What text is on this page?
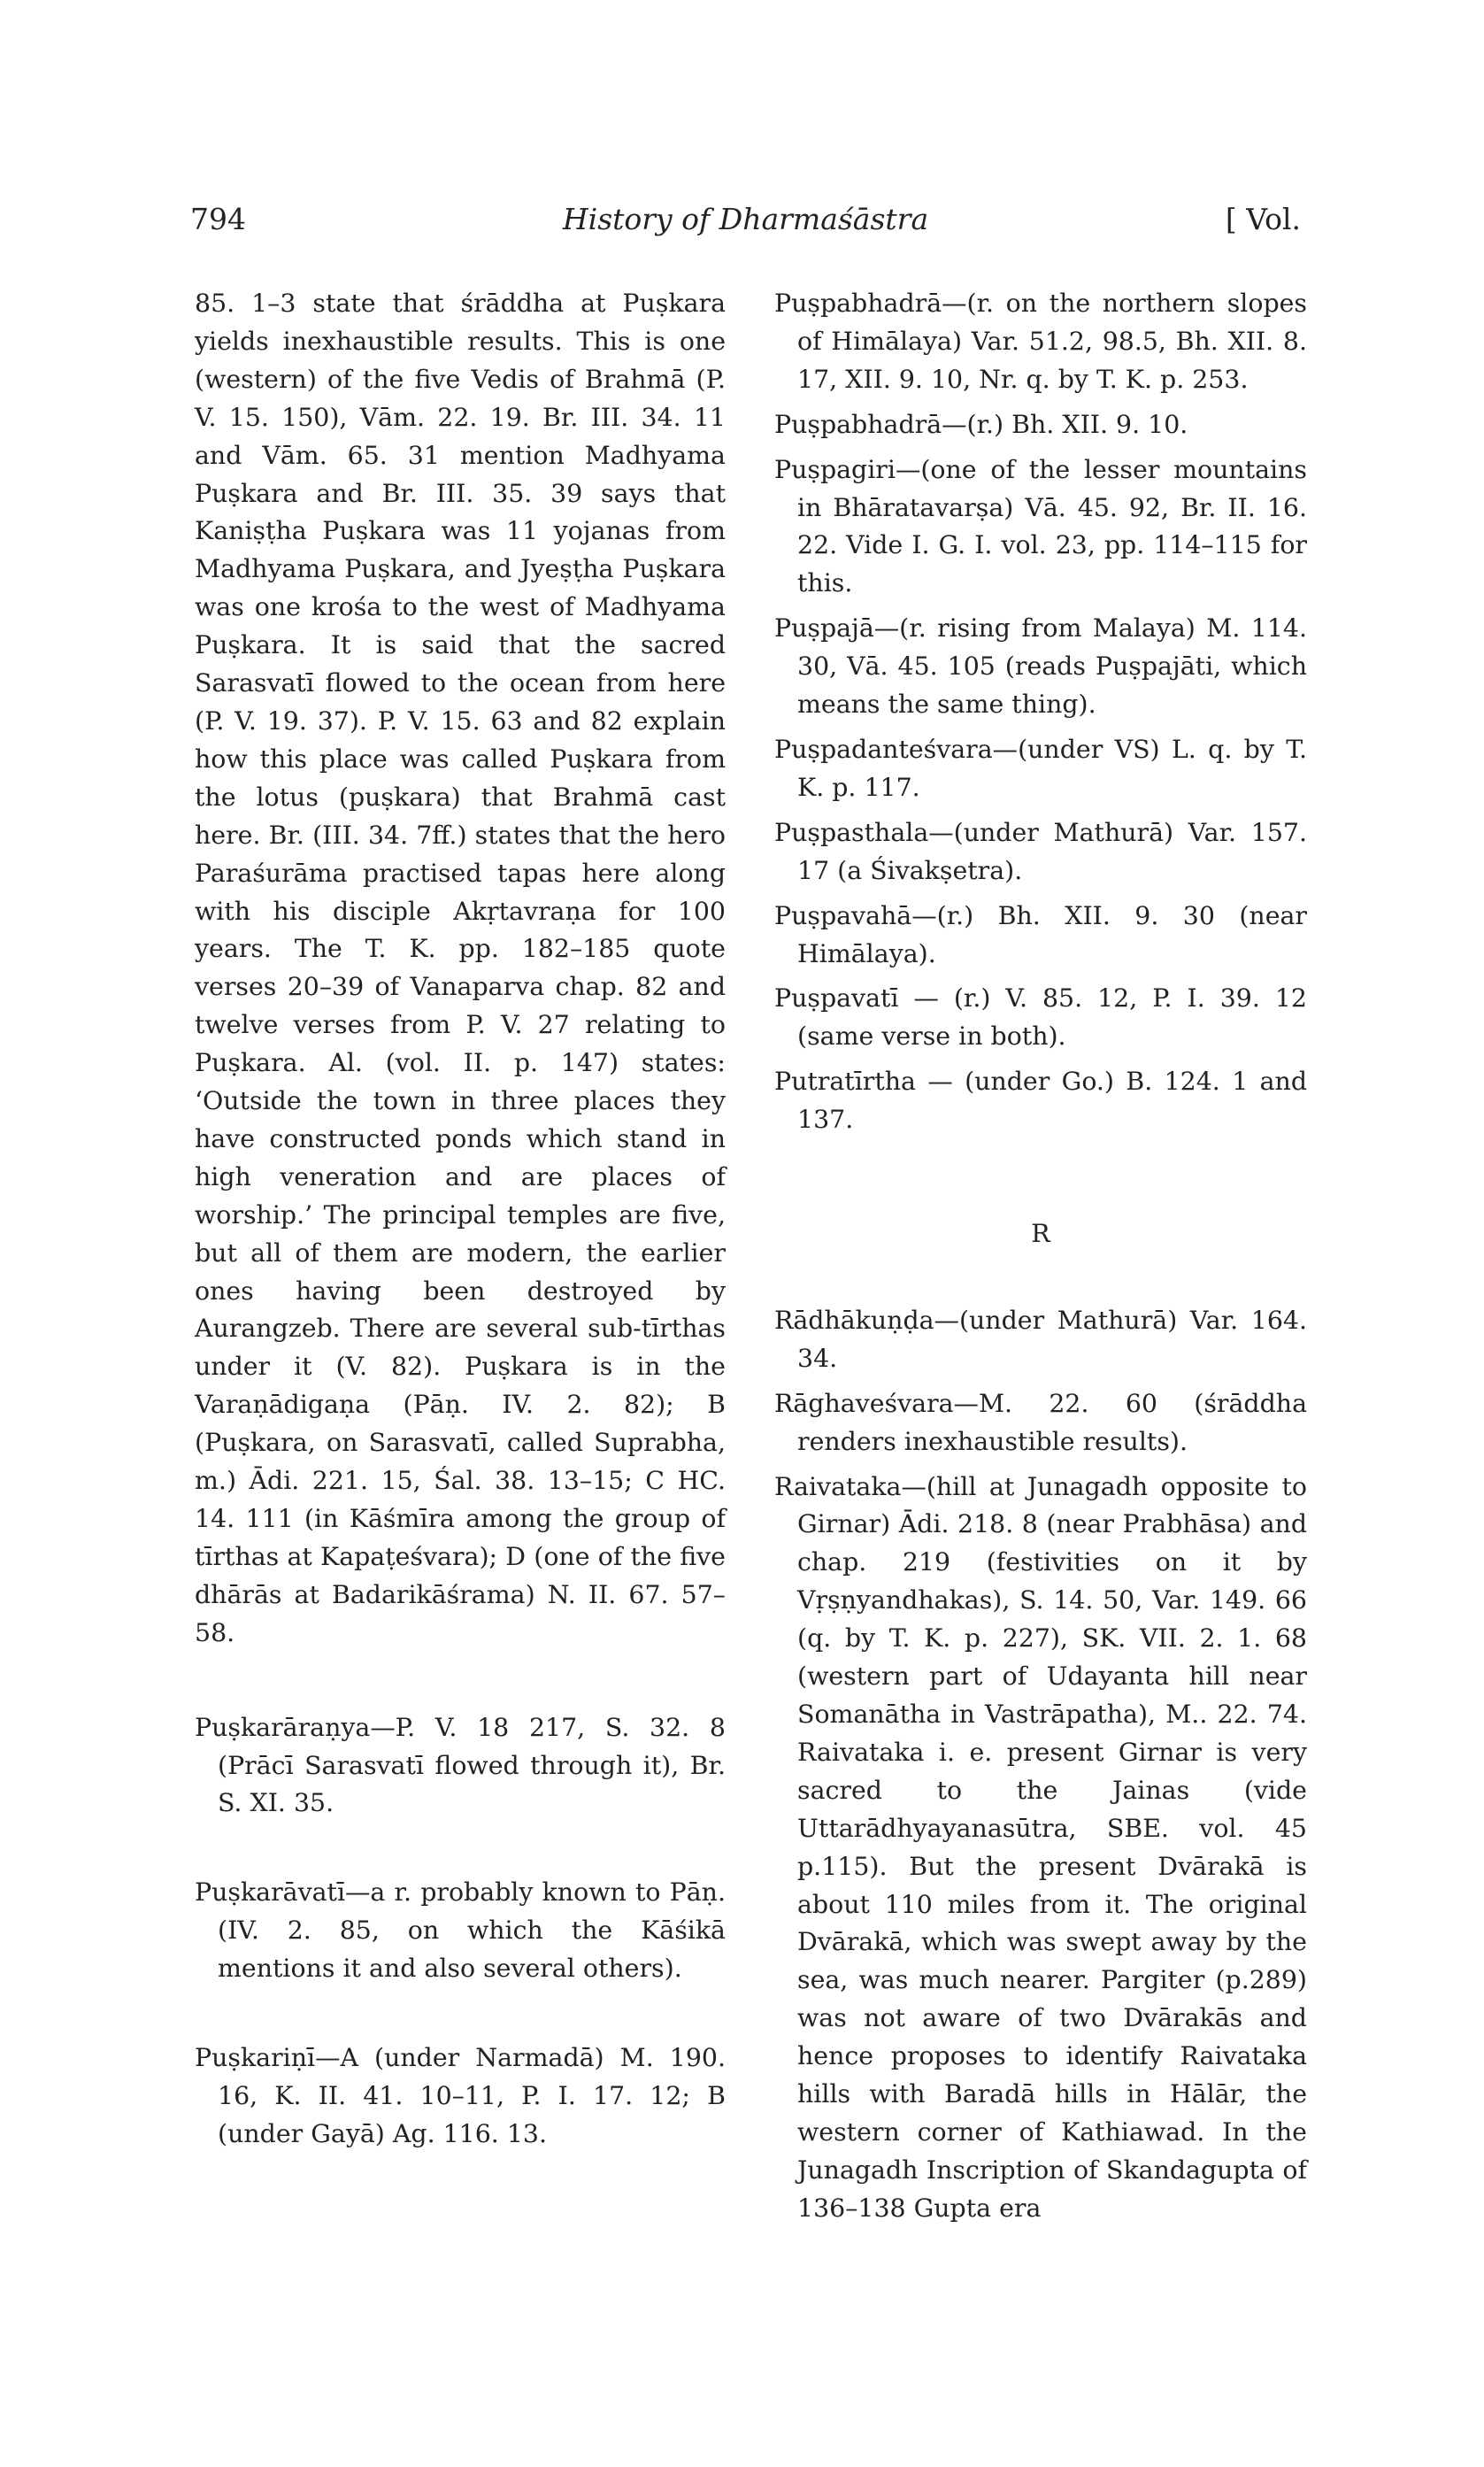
794	History of Dharmaśāstra	[ Vol.

85. 1–3 state that śrāddha at Puṣkara yields inexhaustible results. This is one (western) of the five Vedis of Brahmā (P. V. 15. 150), Vām. 22. 19. Br. III. 34. 11 and Vām. 65. 31 mention Madhyama Puṣkara and Br. III. 35. 39 says that Kaniṣṭha Puṣkara was 11 yojanas from Madhyama Puṣkara, and Jyeṣṭha Puṣkara was one krośa to the west of Madhyama Puṣkara. It is said that the sacred Sarasvatī flowed to the ocean from here (P. V. 19. 37). P. V. 15. 63 and 82 explain how this place was called Puṣkara from the lotus (puṣkara) that Brahmā cast here. Br. (III. 34. 7ff.) states that the hero Paraśurāma practised tapas here along with his disciple Akṛtavraṇa for 100 years. The T. K. pp. 182–185 quote verses 20–39 of Vanaparva chap. 82 and twelve verses from P. V. 27 relating to Puṣkara. Al. (vol. II. p. 147) states: ‘Outside the town in three places they have constructed ponds which stand in high veneration and are places of worship.’ The principal temples are five, but all of them are modern, the earlier ones having been destroyed by Aurangzeb. There are several sub-tīrthas under it (V. 82). Puṣkara is in the Varaṇādigaṇa (Pāṇ. IV. 2. 82); B (Puṣkara, on Sarasvatī, called Suprabha, m.) Ādi. 221. 15, Śal. 38. 13–15; C HC. 14. 111 (in Kāśmīra among the group of tīrthas at Kapaṭeśvara); D (one of the five dhārās at Badarikāśrama) N. II. 67. 57–58.

Puṣkarāraṇya—P. V. 18 217, S. 32. 8 (Prācī Sarasvatī flowed through it), Br. S. XI. 35.

Puṣkarāvatī—a r. probably known to Pāṇ. (IV. 2. 85, on which the Kāśikā mentions it and also several others).

Puṣkariṇī—A (under Narmadā) M. 190. 16, K. II. 41. 10–11, P. I. 17. 12; B (under Gayā) Ag. 116. 13.

Puṣpabhadrā—(r. on the northern slopes of Himālaya) Var. 51.2, 98.5, Bh. XII. 8. 17, XII. 9. 10, Nr. q. by T. K. p. 253.

Puṣpabhadrā—(r.) Bh. XII. 9. 10.

Puṣpagiri—(one of the lesser mountains in Bhāratavarṣa) Vā. 45. 92, Br. II. 16. 22. Vide I. G. I. vol. 23, pp. 114–115 for this.

Puṣpajā—(r. rising from Malaya) M. 114. 30, Vā. 45. 105 (reads Puṣpajāti, which means the same thing).

Puṣpadanteśvara—(under VS) L. q. by T. K. p. 117.

Puṣpasthala—(under Mathurā) Var. 157. 17 (a Śivakṣetra).

Puṣpavahā—(r.) Bh. XII. 9. 30 (near Himālaya).

Puṣpavatī — (r.) V. 85. 12, P. I. 39. 12 (same verse in both).

Putratīrtha — (under Go.) B. 124. 1 and 137.

R

Rādhākuṇḍa—(under Mathurā) Var. 164. 34.

Rāghaveśvara—M. 22. 60 (śrāddha renders inexhaustible results).

Raivataka—(hill at Junagadh opposite to Girnar) Ādi. 218. 8 (near Prabhāsa) and chap. 219 (festivities on it by Vṛṣṇyandhakas), S. 14. 50, Var. 149. 66 (q. by T. K. p. 227), SK. VII. 2. 1. 68 (western part of Udayanta hill near Somanātha in Vastrāpatha), M.. 22. 74. Raivataka i. e. present Girnar is very sacred to the Jainas (vide Uttarādhyayanasūtra, SBE. vol. 45 p.115). But the present Dvārakā is about 110 miles from it. The original Dvārakā, which was swept away by the sea, was much nearer. Pargiter (p.289) was not aware of two Dvārakās and hence proposes to identify Raivataka hills with Baradā hills in Hālār, the western corner of Kathiawad. In the Junagadh Inscription of Skandagupta of 136–138 Gupta era
